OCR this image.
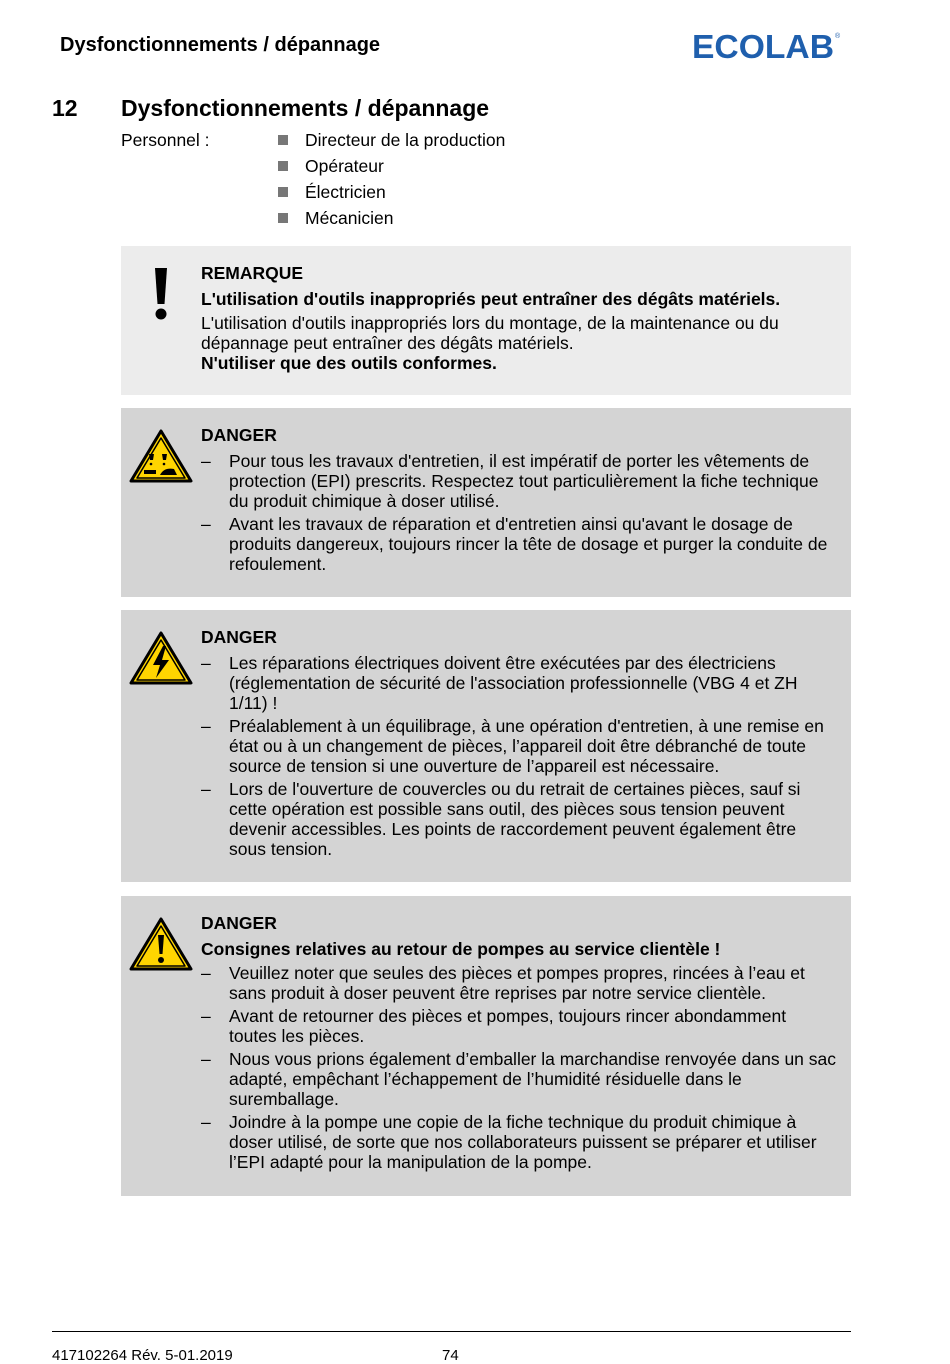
Dysfonctionnements / dépannage	ECOLAB ®
12 Dysfonctionnements / dépannage
Personnel :	Directeur de la production
Opérateur
Électricien
Mécanicien
REMARQUE
L'utilisation d'outils inappropriés peut entraîner des dégâts matériels.

L'utilisation d'outils inappropriés lors du montage, de la maintenance ou du dépannage peut entraîner des dégâts matériels.

N'utiliser que des outils conformes.

DANGER
– Pour tous les travaux d'entretien, il est impératif de porter les vêtements de protection (EPI) prescrits. Respectez tout particulièrement la fiche technique du produit chimique à doser utilisé.
– Avant les travaux de réparation et d'entretien ainsi qu'avant le dosage de produits dangereux, toujours rincer la tête de dosage et purger la conduite de refoulement.
DANGER
– Les réparations électriques doivent être exécutées par des électriciens (réglementation de sécurité de l'association professionnelle (VBG 4 et ZH 1/11) !
– Préalablement à un équilibrage, à une opération d'entretien, à une remise en état ou à un changement de pièces, l’appareil doit être débranché de toute source de tension si une ouverture de l’appareil est nécessaire.
– Lors de l'ouverture de couvercles ou du retrait de certaines pièces, sauf si cette opération est possible sans outil, des pièces sous tension peuvent devenir accessibles. Les points de raccordement peuvent également être sous tension.
DANGER
Consignes relatives au retour de pompes au service clientèle !
– Veuillez noter que seules des pièces et pompes propres, rincées à l’eau et sans produit à doser peuvent être reprises par notre service clientèle.
– Avant de retourner des pièces et pompes, toujours rincer abondamment toutes les pièces.
– Nous vous prions également d’emballer la marchandise renvoyée dans un sac adapté, empêchant l’échappement de l’humidité résiduelle dans le suremballage.
– Joindre à la pompe une copie de la fiche technique du produit chimique à doser utilisé, de sorte que nos collaborateurs puissent se préparer et utiliser l’EPI adapté pour la manipulation de la pompe.
417102264 Rév. 5-01.2019	74
